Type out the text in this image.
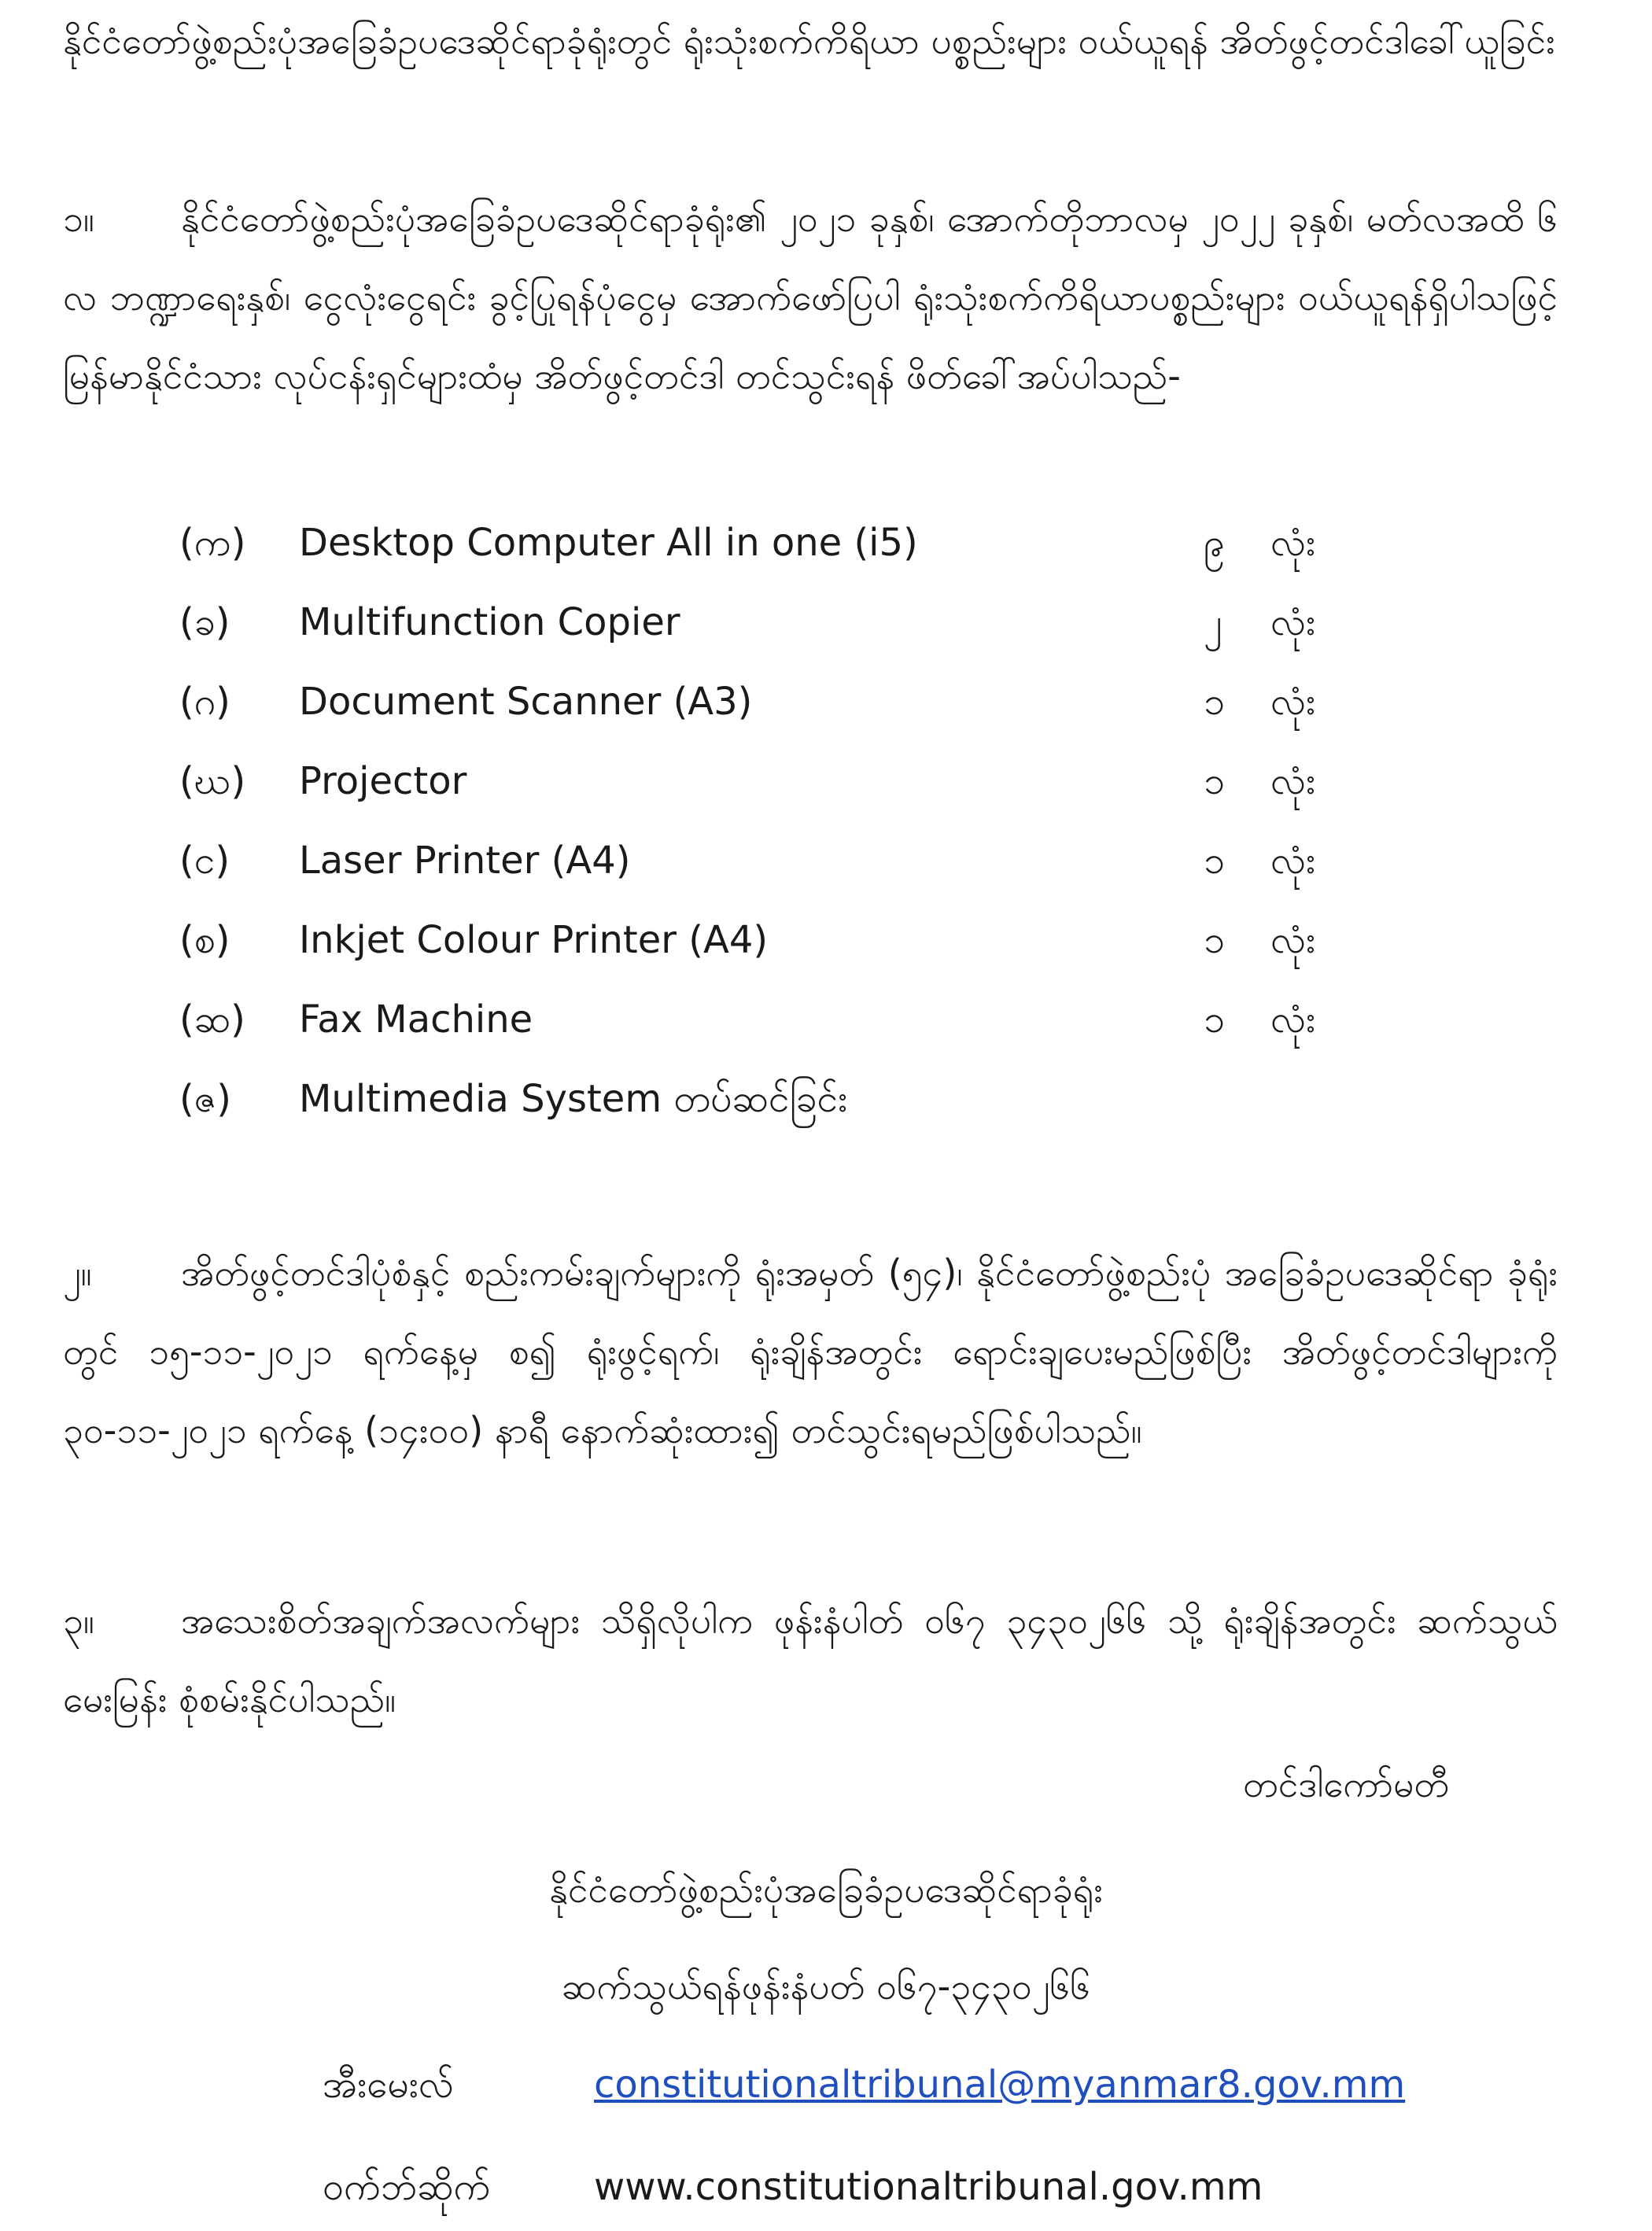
နိုင်ငံတော်ဖွဲ့စည်းပုံအခြေခံဥပဒေဆိုင်ရာခုံရုံးတွင် ရုံးသုံးစက်ကိရိယာ ပစ္စည်းများ ဝယ်ယူရန် အိတ်ဖွင့်တင်ဒါခေါ်ယူခြင်း

၁။ နိုင်ငံတော်ဖွဲ့စည်းပုံအခြေခံဥပဒေဆိုင်ရာခုံရုံး၏ ၂၀၂၁ ခုနှစ်၊ အောက်တိုဘာလမှ ၂၀၂၂ ခုနှစ်၊ မတ်လအထိ ၆ လ ဘဏ္ဍာရေးနှစ်၊ ငွေလုံးငွေရင်း ခွင့်ပြုရန်ပုံငွေမှ အောက်ဖော်ပြပါ ရုံးသုံးစက်ကိရိယာပစ္စည်းများ ဝယ်ယူရန်ရှိပါသဖြင့် မြန်မာနိုင်ငံသား လုပ်ငန်းရှင်များထံမှ အိတ်ဖွင့်တင်ဒါ တင်သွင်းရန် ဖိတ်ခေါ်အပ်ပါသည်-

(က) Desktop Computer All in one (i5)	၉ လုံး
(ခ) Multifunction Copier	၂ လုံး
(ဂ) Document Scanner (A3)	၁ လုံး
(ဃ) Projector	၁ လုံး
(င) Laser Printer (A4)	၁ လုံး
(စ) Inkjet Colour Printer (A4)	၁ လုံး
(ဆ) Fax Machine	၁ လုံး
(ဇ) Multimedia System တပ်ဆင်ခြင်း

၂။ အိတ်ဖွင့်တင်ဒါပုံစံနှင့် စည်းကမ်းချက်များကို ရုံးအမှတ် (၅၄)၊ နိုင်ငံတော်ဖွဲ့စည်းပုံ အခြေခံဥပဒေဆိုင်ရာ ခုံရုံးတွင် ၁၅-၁၁-၂၀၂၁ ရက်နေ့မှ စ၍ ရုံးဖွင့်ရက်၊ ရုံးချိန်အတွင်း ရောင်းချပေးမည်ဖြစ်ပြီး အိတ်ဖွင့်တင်ဒါများကို ၃၀-၁၁-၂၀၂၁ ရက်နေ့ (၁၄း၀၀) နာရီ နောက်ဆုံးထား၍ တင်သွင်းရမည်ဖြစ်ပါသည်။

၃။ အသေးစိတ်အချက်အလက်များ သိရှိလိုပါက ဖုန်းနံပါတ် ၀၆၇ ၃၄၃၀၂၆၆ သို့ ရုံးချိန်အတွင်း ဆက်သွယ်မေးမြန်း စုံစမ်းနိုင်ပါသည်။

တင်ဒါကော်မတီ

နိုင်ငံတော်ဖွဲ့စည်းပုံအခြေခံဥပဒေဆိုင်ရာခုံရုံး

ဆက်သွယ်ရန်ဖုန်းနံပတ် ၀၆၇-၃၄၃၀၂၆၆

အီးမေးလ်	constitutionaltribunal@myanmar8.gov.mm
ဝက်ဘ်ဆိုက်	www.constitutionaltribunal.gov.mm
